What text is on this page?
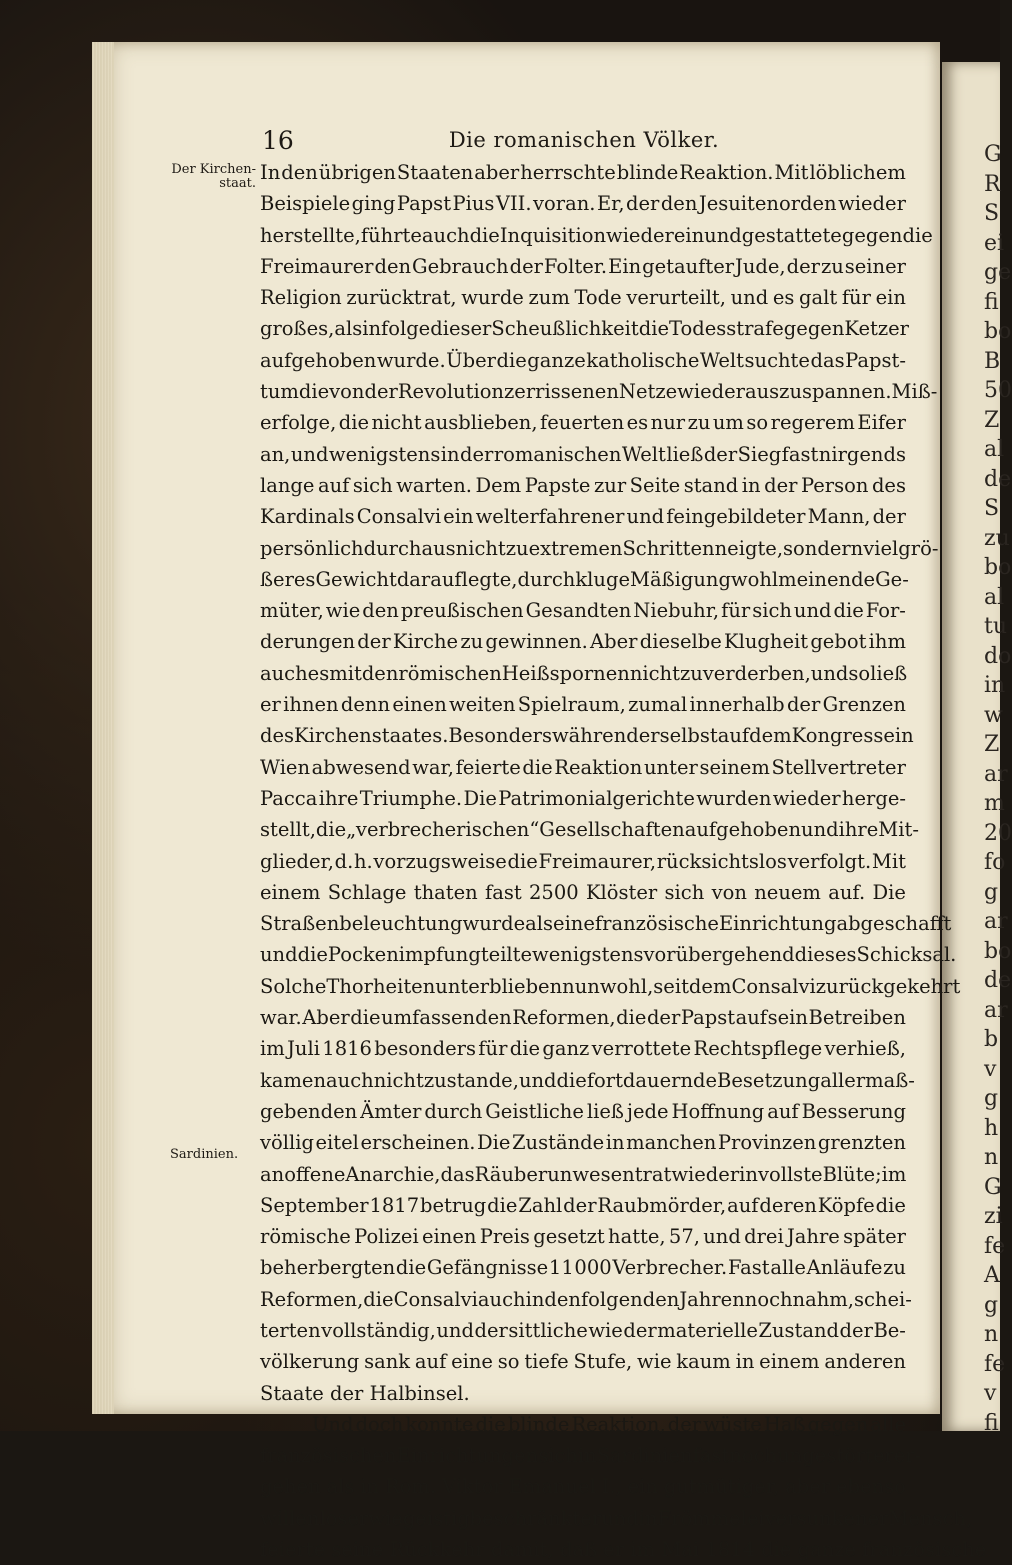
G
R
S
ei
ge
fi
bo
B
50
Z
al
de
S
zu
bo
al
tu
do
in
w
Z
ar
m
20
fo
g
ar
bo
de
ar
b
v
g
h
n
G
zi
fe
A
g
n
fe
v
fi
16	Die romanischen Völker.
Der Kirchen-
staat.
Sardinien.
In den übrigen Staaten aber herrschte blinde Reaktion. Mit löblichem
Beispiele ging Papst Pius VII. voran. Er, der den Jesuitenorden wieder
herstellte, führte auch die Inquisition wieder ein und gestattete gegen die
Freimaurer den Gebrauch der Folter. Ein getaufter Jude, der zu seiner
Religion zurücktrat, wurde zum Tode verurteilt, und es galt für ein
großes, als infolge dieser Scheußlichkeit die Todesstrafe gegen Ketzer
aufgehoben wurde. Über die ganze katholische Welt suchte das Papst-
tum die von der Revolution zerrissenen Netze wieder auszuspannen. Miß-
erfolge, die nicht ausblieben, feuerten es nur zu um so regerem Eifer
an, und wenigstens in der romanischen Welt ließ der Sieg fast nirgends
lange auf sich warten. Dem Papste zur Seite stand in der Person des
Kardinals Consalvi ein welterfahrener und feingebildeter Mann, der
persönlich durchaus nicht zu extremen Schritten neigte, sondern viel grö-
ßeres Gewicht darauf legte, durch kluge Mäßigung wohlmeinende Ge-
müter, wie den preußischen Gesandten Niebuhr, für sich und die For-
derungen der Kirche zu gewinnen. Aber dieselbe Klugheit gebot ihm
auch es mit den römischen Heißspornen nicht zu verderben, und so ließ
er ihnen denn einen weiten Spielraum, zumal innerhalb der Grenzen
des Kirchenstaates. Besonders während er selbst auf dem Kongresse in
Wien abwesend war, feierte die Reaktion unter seinem Stellvertreter
Pacca ihre Triumphe. Die Patrimonialgerichte wurden wieder herge-
stellt, die „verbrecherischen“ Gesellschaften aufgehoben und ihre Mit-
glieder, d. h. vorzugsweise die Freimaurer, rücksichtslos verfolgt. Mit
einem Schlage thaten fast 2500 Klöster sich von neuem auf. Die
Straßenbeleuchtung wurde als eine französische Einrichtung abgeschafft
und die Pockenimpfung teilte wenigstens vorübergehend dieses Schicksal.
Solche Thorheiten unterblieben nun wohl, seitdem Consalvi zurückgekehrt
war. Aber die umfassenden Reformen, die der Papst auf sein Betreiben
im Juli 1816 besonders für die ganz verrottete Rechtspflege verhieß,
kamen auch nicht zustande, und die fortdauernde Besetzung aller maß-
gebenden Ämter durch Geistliche ließ jede Hoffnung auf Besserung
völlig eitel erscheinen. Die Zustände in manchen Provinzen grenzten
an offene Anarchie, das Räuberunwesen trat wieder in vollste Blüte; im
September 1817 betrug die Zahl der Raubmörder, auf deren Köpfe die
römische Polizei einen Preis gesetzt hatte, 57, und drei Jahre später
beherbergten die Gefängnisse 11 000 Verbrecher. Fast alle Anläufe zu
Reformen, die Consalvi auch in den folgenden Jahren noch nahm, schei-
terten vollständig, und der sittliche wie der materielle Zustand der Be-
völkerung sank auf eine so tiefe Stufe, wie kaum in einem anderen
Staate der Halbinsel.
Und doch konnte die blinde Reaktion, der wüste Haß gegen alle
französischen Einrichtungen sich in Sardinien fast noch ungestörter er-
gehen als in Rom. Viktor Emanuel I., ein gutmütiger, aber ebenso
willenloser wie geistig beschränkter und in Frömmelei versunkener Mensch,
feierte seine Rückkehr damit, daß er im Mai 1814 die ganze französische
